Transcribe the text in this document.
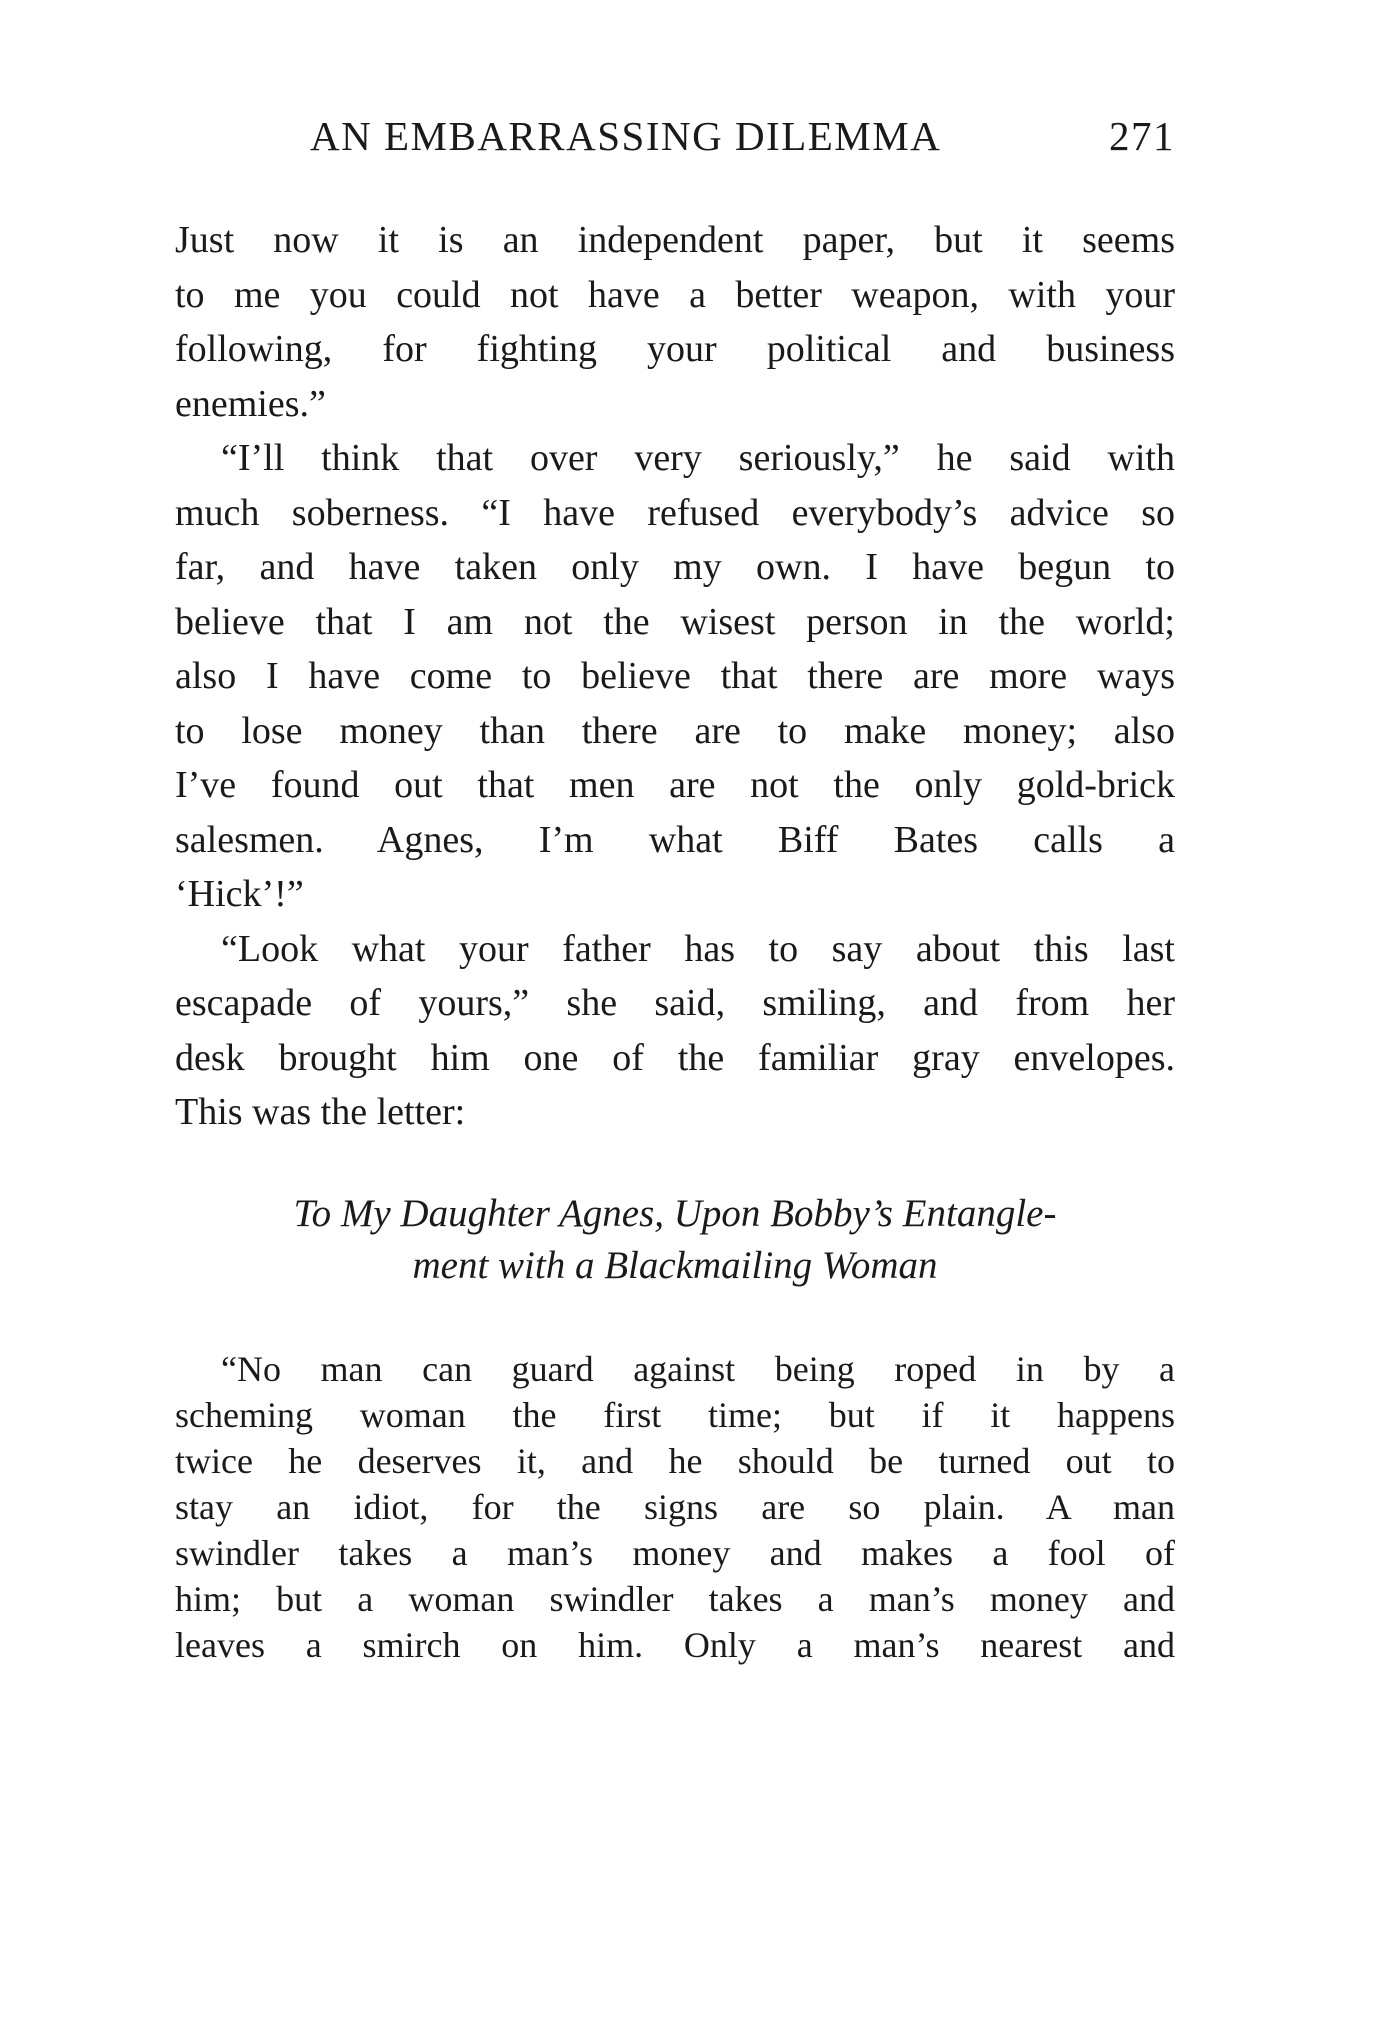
AN EMBARRASSING DILEMMA	271
Just now it is an independent paper, but it seems
to me you could not have a better weapon, with your
following, for fighting your political and business
enemies.”
“I’ll think that over very seriously,” he said with
much soberness. “I have refused everybody’s advice so
far, and have taken only my own. I have begun to
believe that I am not the wisest person in the world;
also I have come to believe that there are more ways
to lose money than there are to make money; also
I’ve found out that men are not the only gold-brick
salesmen. Agnes, I’m what Biff Bates calls a
‘Hick’!”
“Look what your father has to say about this last
escapade of yours,” she said, smiling, and from her
desk brought him one of the familiar gray envelopes.
This was the letter:
To My Daughter Agnes, Upon Bobby’s Entangle-
ment with a Blackmailing Woman
“No man can guard against being roped in by a
scheming woman the first time; but if it happens
twice he deserves it, and he should be turned out to
stay an idiot, for the signs are so plain. A man
swindler takes a man’s money and makes a fool of
him; but a woman swindler takes a man’s money and
leaves a smirch on him. Only a man’s nearest and
